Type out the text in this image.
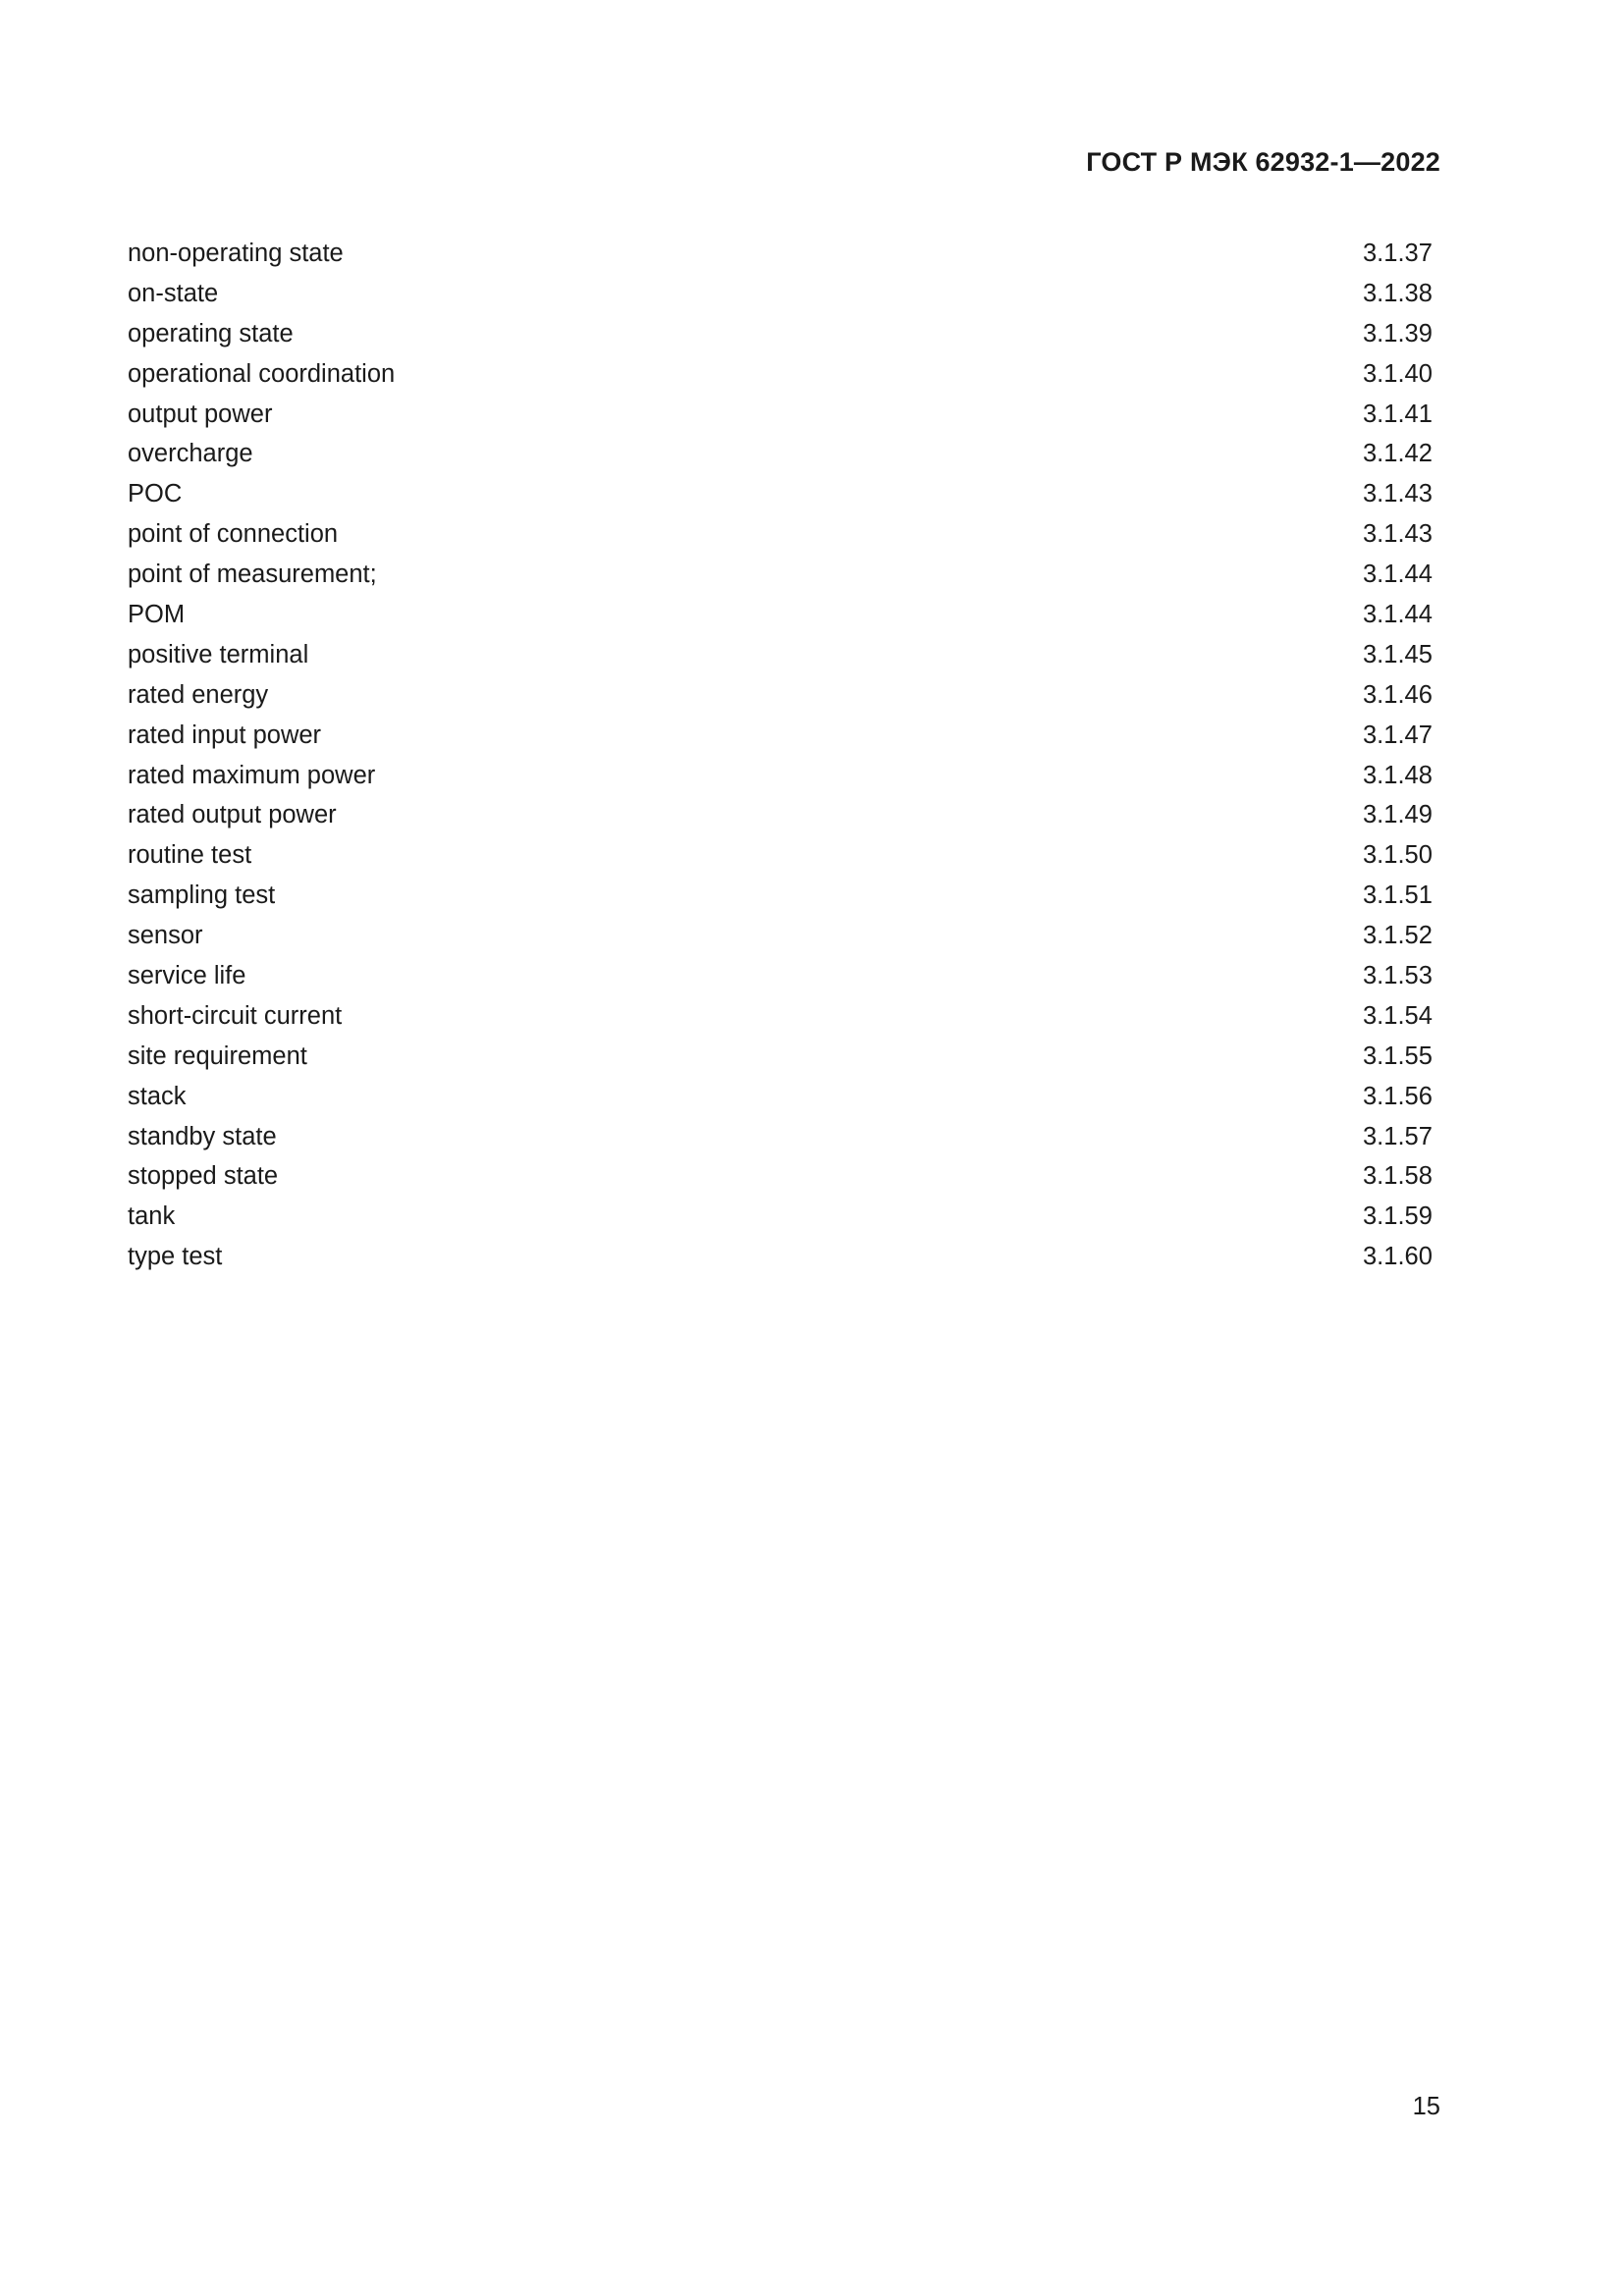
ГОСТ Р МЭК 62932-1—2022
non-operating state	3.1.37
on-state	3.1.38
operating state	3.1.39
operational coordination	3.1.40
output power	3.1.41
overcharge	3.1.42
POC	3.1.43
point of connection	3.1.43
point of measurement;	3.1.44
POM	3.1.44
positive terminal	3.1.45
rated energy	3.1.46
rated input power	3.1.47
rated maximum power	3.1.48
rated output power	3.1.49
routine test	3.1.50
sampling test	3.1.51
sensor	3.1.52
service life	3.1.53
short-circuit current	3.1.54
site requirement	3.1.55
stack	3.1.56
standby state	3.1.57
stopped state	3.1.58
tank	3.1.59
type test	3.1.60
15
